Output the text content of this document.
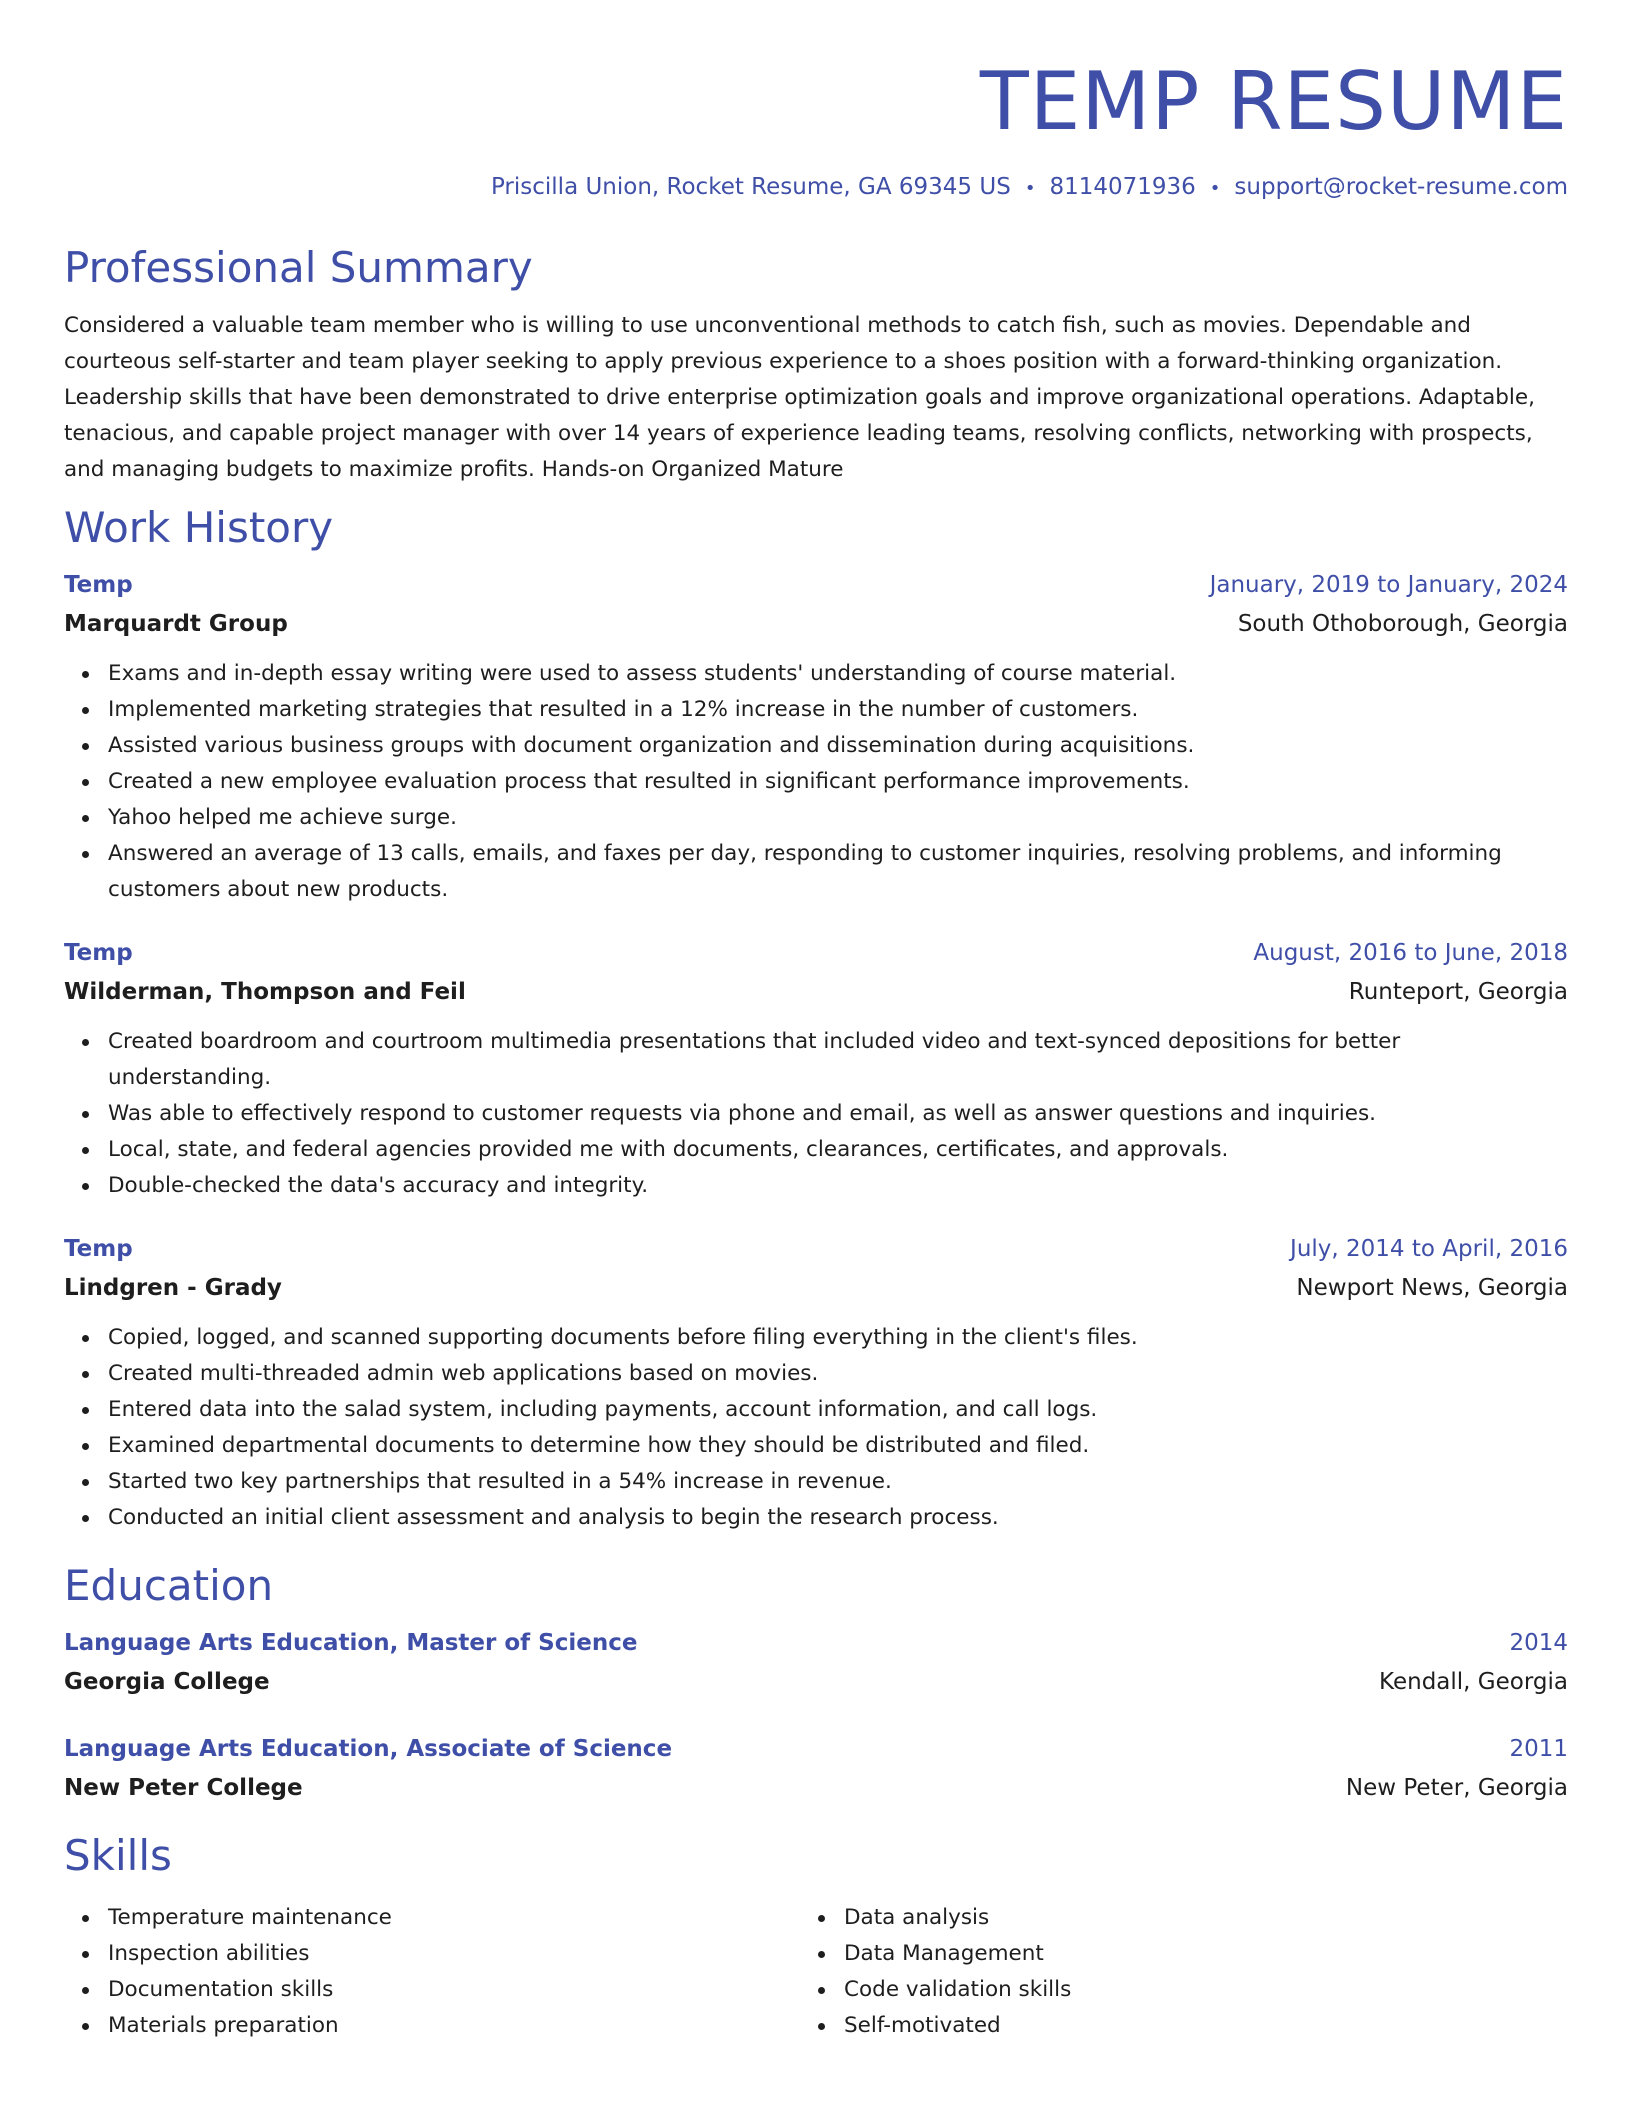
TEMP RESUME
Priscilla Union, Rocket Resume, GA 69345 US • 8114071936 • support@rocket-resume.com
Professional Summary
Considered a valuable team member who is willing to use unconventional methods to catch fish, such as movies. Dependable and courteous self-starter and team player seeking to apply previous experience to a shoes position with a forward-thinking organization. Leadership skills that have been demonstrated to drive enterprise optimization goals and improve organizational operations. Adaptable, tenacious, and capable project manager with over 14 years of experience leading teams, resolving conflicts, networking with prospects, and managing budgets to maximize profits. Hands-on Organized Mature
Work History
Temp	January, 2019 to January, 2024
Marquardt Group	South Othoborough, Georgia
Exams and in-depth essay writing were used to assess students' understanding of course material.
Implemented marketing strategies that resulted in a 12% increase in the number of customers.
Assisted various business groups with document organization and dissemination during acquisitions.
Created a new employee evaluation process that resulted in significant performance improvements.
Yahoo helped me achieve surge.
Answered an average of 13 calls, emails, and faxes per day, responding to customer inquiries, resolving problems, and informing customers about new products.
Temp	August, 2016 to June, 2018
Wilderman, Thompson and Feil	Runteport, Georgia
Created boardroom and courtroom multimedia presentations that included video and text-synced depositions for better understanding.
Was able to effectively respond to customer requests via phone and email, as well as answer questions and inquiries.
Local, state, and federal agencies provided me with documents, clearances, certificates, and approvals.
Double-checked the data's accuracy and integrity.
Temp	July, 2014 to April, 2016
Lindgren - Grady	Newport News, Georgia
Copied, logged, and scanned supporting documents before filing everything in the client's files.
Created multi-threaded admin web applications based on movies.
Entered data into the salad system, including payments, account information, and call logs.
Examined departmental documents to determine how they should be distributed and filed.
Started two key partnerships that resulted in a 54% increase in revenue.
Conducted an initial client assessment and analysis to begin the research process.
Education
Language Arts Education, Master of Science	2014
Georgia College	Kendall, Georgia
Language Arts Education, Associate of Science	2011
New Peter College	New Peter, Georgia
Skills
Temperature maintenance
Inspection abilities
Documentation skills
Materials preparation
Data analysis
Data Management
Code validation skills
Self-motivated
